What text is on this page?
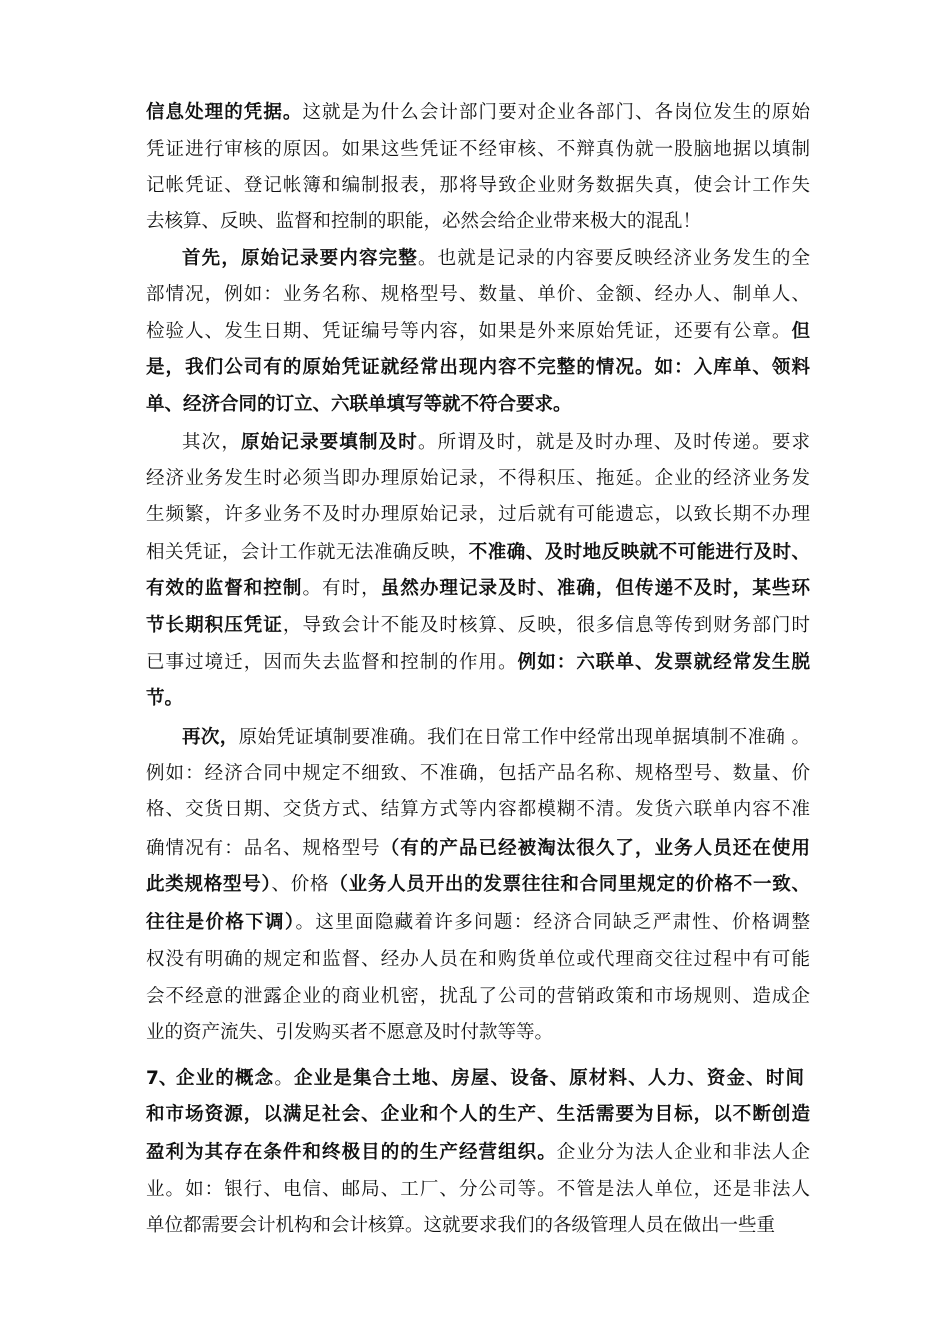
7、
信息处理的凭据。这就是为什么会计部门要对企业各部门、各岗位发生的原始
凭证进行审核的原因。如果这些凭证不经审核、不辩真伪就一股脑地据以填制
记帐凭证、登记帐簿和编制报表，那将导致企业财务数据失真，使会计工作失
去核算、反映、监督和控制的职能，必然会给企业带来极大的混乱！
首先，原始记录要内容完整。也就是记录的内容要反映经济业务发生的全
部情况，例如：业务名称、规格型号、数量、单价、金额、经办人、制单人、
检验人、发生日期、凭证编号等内容，如果是外来原始凭证，还要有公章。但
是，我们公司有的原始凭证就经常出现内容不完整的情况。如：入库单、领料
单、经济合同的订立、六联单填写等就不符合要求。
其次，原始记录要填制及时。所谓及时，就是及时办理、及时传递。要求
经济业务发生时必须当即办理原始记录，不得积压、拖延。企业的经济业务发
生频繁，许多业务不及时办理原始记录，过后就有可能遗忘，以致长期不办理
相关凭证，会计工作就无法准确反映，不准确、及时地反映就不可能进行及时、
有效的监督和控制。有时，虽然办理记录及时、准确，但传递不及时，某些环
节长期积压凭证，导致会计不能及时核算、反映，很多信息等传到财务部门时
已事过境迁，因而失去监督和控制的作用。例如：六联单、发票就经常发生脱
节。
再次，原始凭证填制要准确。我们在日常工作中经常出现单据填制不准确 。
例如：经济合同中规定不细致、不准确，包括产品名称、规格型号、数量、价
格、交货日期、交货方式、结算方式等内容都模糊不清。发货六联单内容不准
确情况有：品名、规格型号（有的产品已经被淘汰很久了，业务人员还在使用
此类规格型号）、价格（业务人员开出的发票往往和合同里规定的价格不一致、
往往是价格下调）。这里面隐藏着许多问题：经济合同缺乏严肃性、价格调整
权没有明确的规定和监督、经办人员在和购货单位或代理商交往过程中有可能
会不经意的泄露企业的商业机密，扰乱了公司的营销政策和市场规则、造成企
业的资产流失、引发购买者不愿意及时付款等等。
企业的概念。企业是集合土地、房屋、设备、原材料、人力、资金、时间
和市场资源，以满足社会、企业和个人的生产、生活需要为目标，以不断创造
盈利为其存在条件和终极目的的生产经营组织。企业分为法人企业和非法人企
业。如：银行、电信、邮局、工厂、分公司等。不管是法人单位，还是非法人
单位都需要会计机构和会计核算。这就要求我们的各级管理人员在做出一些重
